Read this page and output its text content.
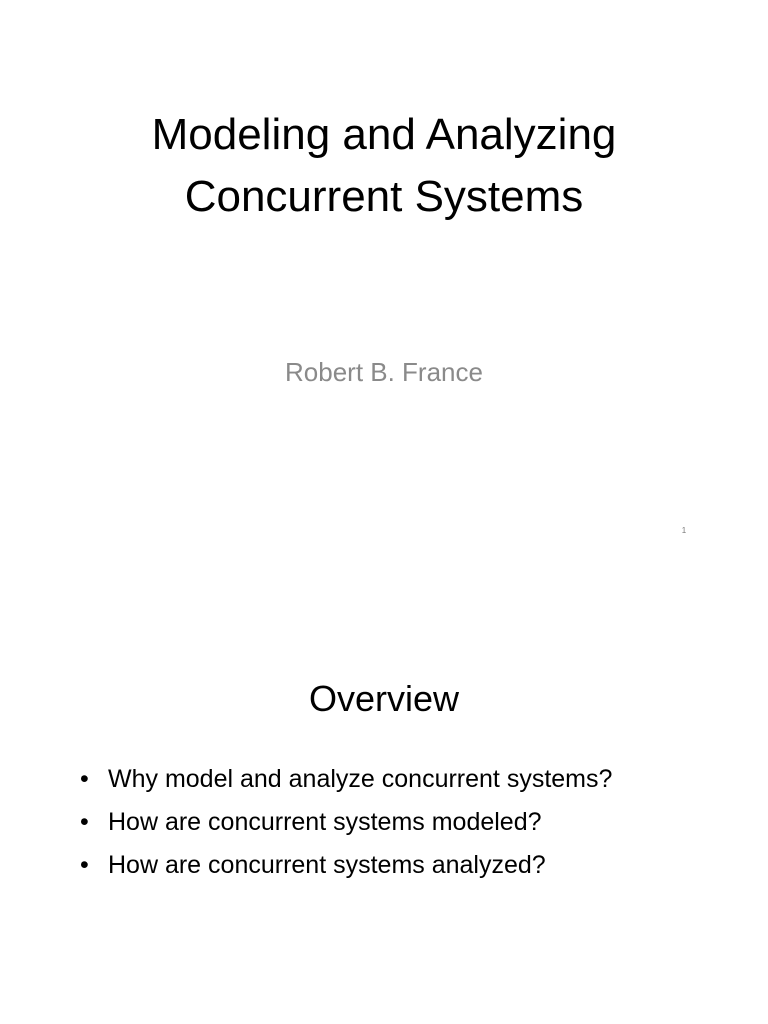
Modeling and Analyzing
Concurrent Systems
Robert B. France
1
Overview
• Why model and analyze concurrent systems?
• How are concurrent systems modeled?
• How are concurrent systems analyzed?
